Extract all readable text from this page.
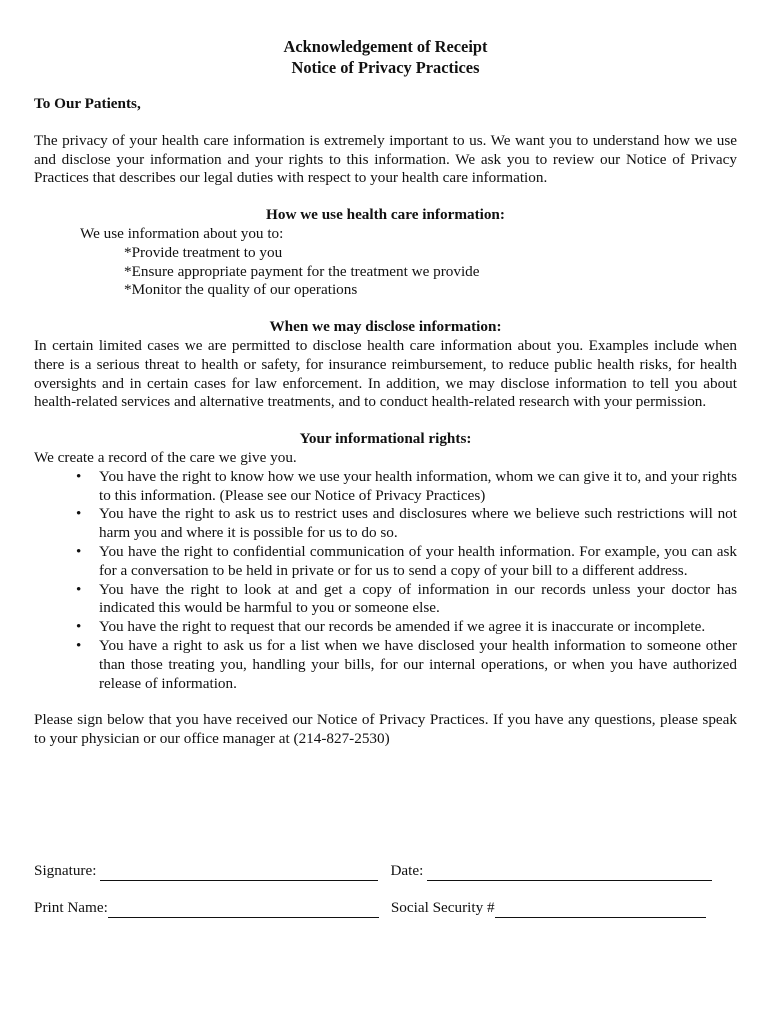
Acknowledgement of Receipt

Notice of Privacy Practices

To Our Patients,

The privacy of your health care information is extremely important to us. We want you to understand how we use and disclose your information and your rights to this information. We ask you to review our Notice of Privacy Practices that describes our legal duties with respect to your health care information.

How we use health care information:

We use information about you to:

*Provide treatment to you
*Ensure appropriate payment for the treatment we provide
*Monitor the quality of our operations

When we may disclose information:

In certain limited cases we are permitted to disclose health care information about you. Examples include when there is a serious threat to health or safety, for insurance reimbursement, to reduce public health risks, for health oversights and in certain cases for law enforcement. In addition, we may disclose information to tell you about health-related services and alternative treatments, and to conduct health-related research with your permission.

Your informational rights:

We create a record of the care we give you.

• You have the right to know how we use your health information, whom we can give it to, and your rights to this information. (Please see our Notice of Privacy Practices)
• You have the right to ask us to restrict uses and disclosures where we believe such restrictions will not harm you and where it is possible for us to do so.
• You have the right to confidential communication of your health information. For example, you can ask for a conversation to be held in private or for us to send a copy of your bill to a different address.
• You have the right to look at and get a copy of information in our records unless your doctor has indicated this would be harmful to you or someone else.
• You have the right to request that our records be amended if we agree it is inaccurate or incomplete.
• You have a right to ask us for a list when we have disclosed your health information to someone other than those treating you, handling your bills, for our internal operations, or when you have authorized release of information.

Please sign below that you have received our Notice of Privacy Practices. If you have any questions, please speak to your physician or our office manager at (214-827-2530)

Signature:	Date:
Print Name:	Social Security #
